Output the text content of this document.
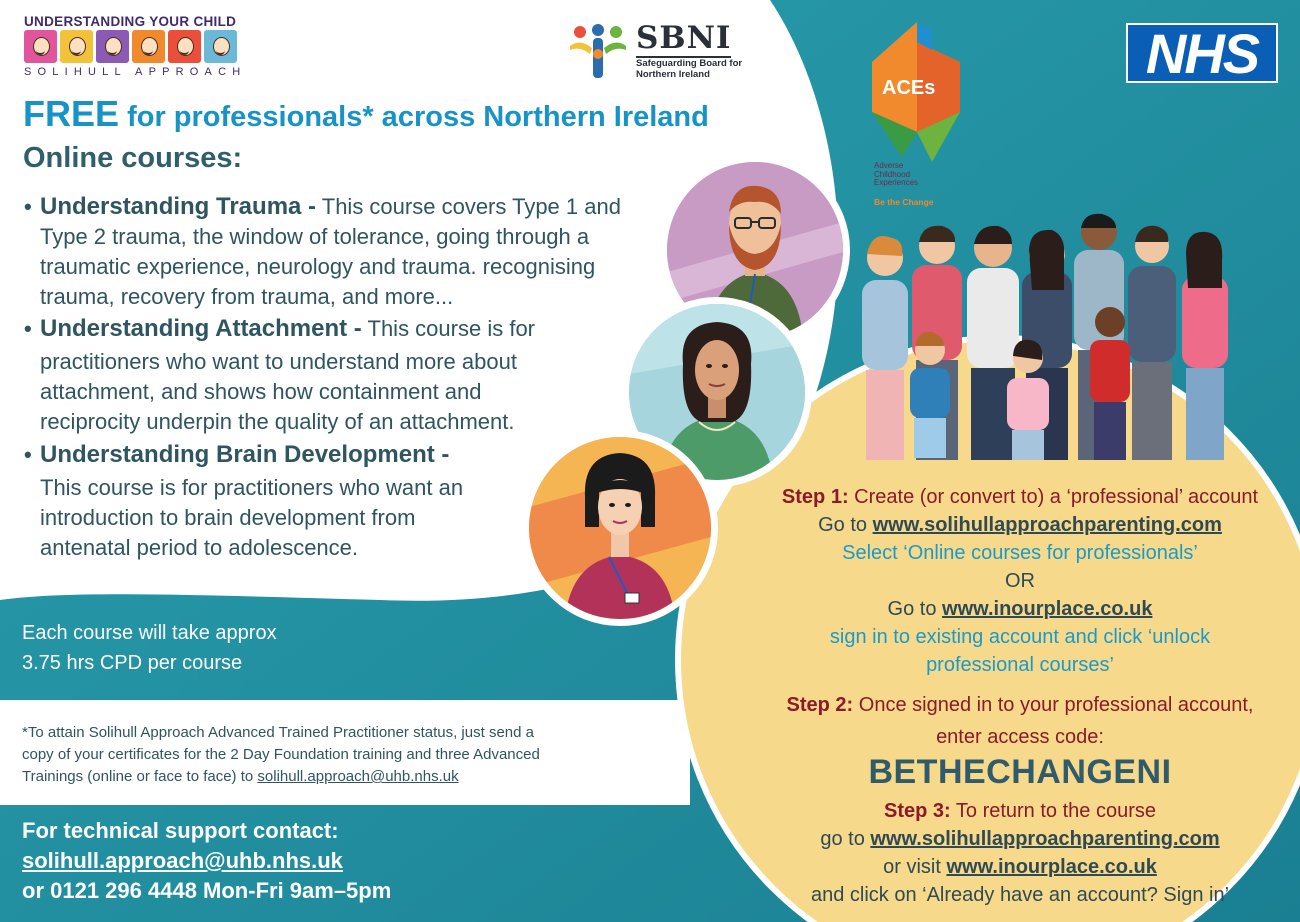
UNDERSTANDING YOUR CHILD
SOLIHULL APPROACH
SBNI
Safeguarding Board for Northern Ireland
ACEs
Adverse Childhood Experiences
Be the Change
NHS
FREE for professionals* across Northern Ireland
Online courses:
• Understanding Trauma - This course covers Type 1 and
Type 2 trauma, the window of tolerance, going through a
traumatic experience, neurology and trauma. recognising
trauma, recovery from trauma, and more...
• Understanding Attachment - This course is for
practitioners who want to understand more about
attachment, and shows how containment and
reciprocity underpin the quality of an attachment.
• Understanding Brain Development -
This course is for practitioners who want an
introduction to brain development from
antenatal period to adolescence.
Each course will take approx
3.75 hrs CPD per course
*To attain Solihull Approach Advanced Trained Practitioner status, just send a
copy of your certificates for the 2 Day Foundation training and three Advanced
Trainings (online or face to face) to solihull.approach@uhb.nhs.uk
For technical support contact:
solihull.approach@uhb.nhs.uk
or 0121 296 4448 Mon-Fri 9am–5pm
Step 1: Create (or convert to) a ‘professional’ account
Go to www.solihullapproachparenting.com
Select ‘Online courses for professionals’
OR
Go to www.inourplace.co.uk
sign in to existing account and click ‘unlock
professional courses’
Step 2: Once signed in to your professional account,
enter access code:
BETHECHANGENI
Step 3: To return to the course
go to www.solihullapproachparenting.com
or visit www.inourplace.co.uk
and click on ‘Already have an account? Sign in’
